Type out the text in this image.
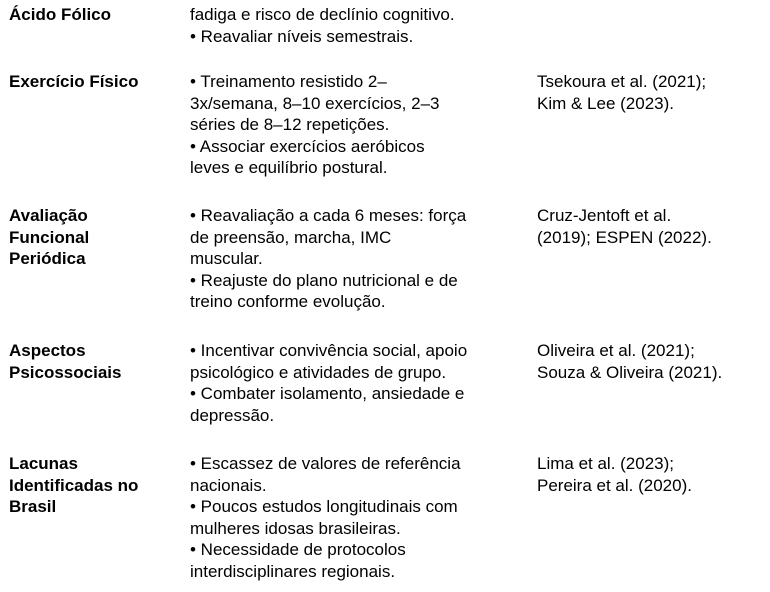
Ácido Fólico	fadiga e risco de declínio cognitivo.
• Reavaliar níveis semestrais.
Exercício Físico	• Treinamento resistido 2–
3x/semana, 8–10 exercícios, 2–3
séries de 8–12 repetições.
• Associar exercícios aeróbicos
leves e equilíbrio postural.
Tsekoura et al. (2021);
Kim & Lee (2023).
Avaliação
Funcional
Periódica
• Reavaliação a cada 6 meses: força
de preensão, marcha, IMC
muscular.
• Reajuste do plano nutricional e de
treino conforme evolução.
Cruz-Jentoft et al.
(2019); ESPEN (2022).
Aspectos
Psicossociais
• Incentivar convivência social, apoio
psicológico e atividades de grupo.
• Combater isolamento, ansiedade e
depressão.
Oliveira et al. (2021);
Souza & Oliveira (2021).
Lacunas
Identificadas no
Brasil
• Escassez de valores de referência
nacionais.
• Poucos estudos longitudinais com
mulheres idosas brasileiras.
• Necessidade de protocolos
interdisciplinares regionais.
Lima et al. (2023);
Pereira et al. (2020).
